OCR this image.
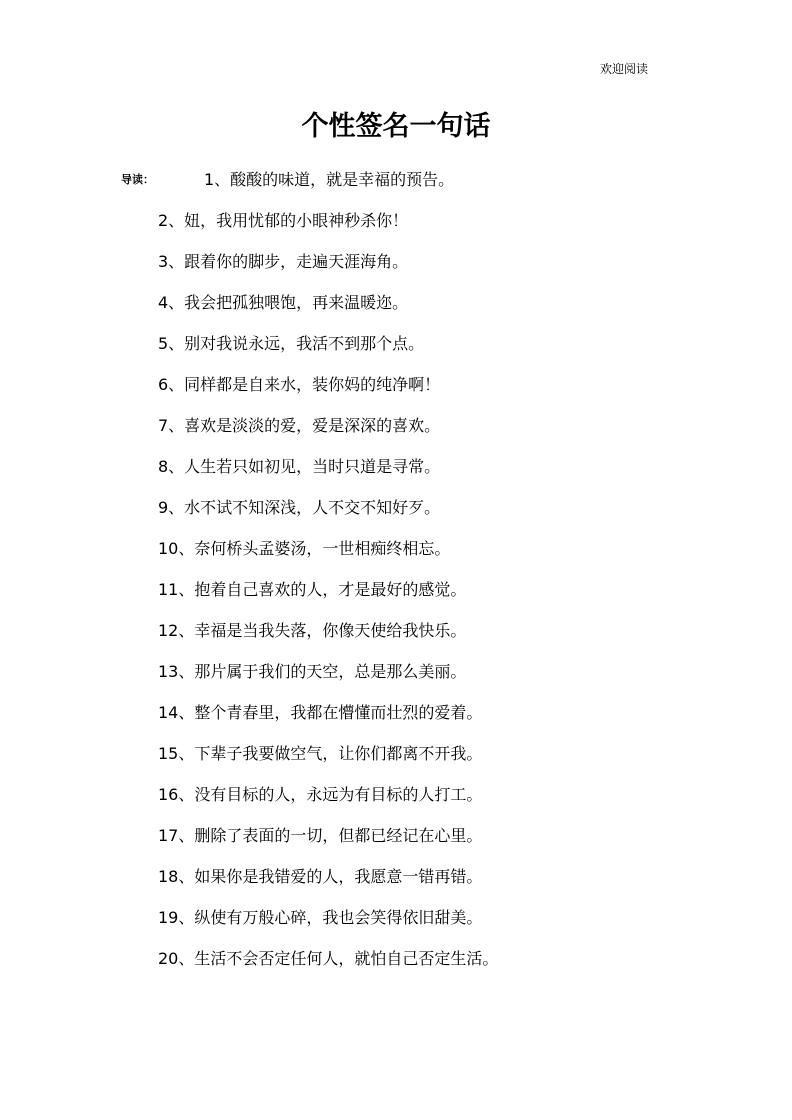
欢迎阅读
个性签名一句话
导读：	1、酸酸的味道，就是幸福的预告。
2、妞，我用忧郁的小眼神秒杀你！
3、跟着你的脚步，走遍天涯海角。
4、我会把孤独喂饱，再来温暖迩。
5、别对我说永远，我活不到那个点。
6、同样都是自来水，装你妈的纯净啊！
7、喜欢是淡淡的爱，爱是深深的喜欢。
8、人生若只如初见，当时只道是寻常。
9、水不试不知深浅，人不交不知好歹。
10、奈何桥头孟婆汤，一世相痴终相忘。
11、抱着自己喜欢的人，才是最好的感觉。
12、幸福是当我失落，你像天使给我快乐。
13、那片属于我们的天空，总是那么美丽。
14、整个青春里，我都在懵懂而壮烈的爱着。
15、下辈子我要做空气，让你们都离不开我。
16、没有目标的人，永远为有目标的人打工。
17、删除了表面的一切，但都已经记在心里。
18、如果你是我错爱的人，我愿意一错再错。
19、纵使有万般心碎，我也会笑得依旧甜美。
20、生活不会否定任何人，就怕自己否定生活。
